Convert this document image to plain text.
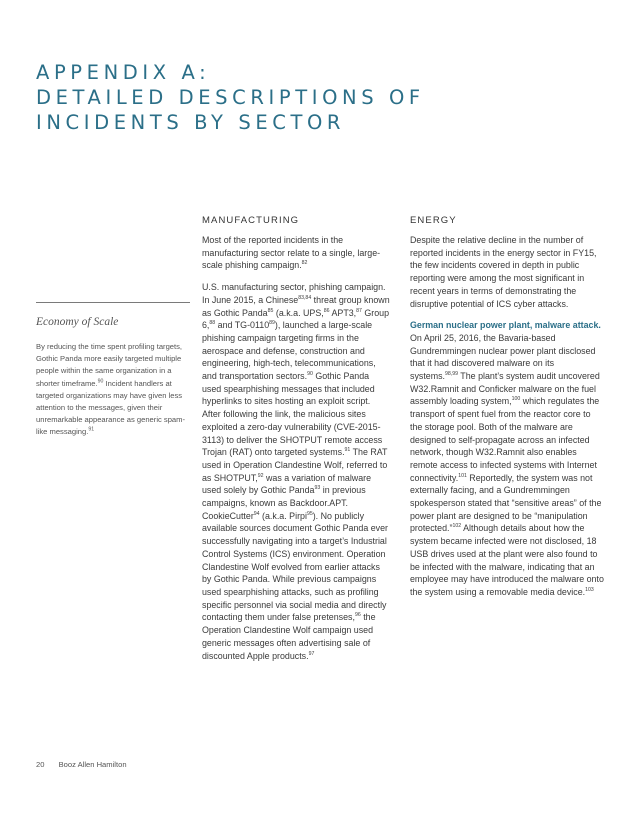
APPENDIX A:
DETAILED DESCRIPTIONS OF
INCIDENTS BY SECTOR
Economy of Scale

By reducing the time spent profiling targets, Gothic Panda more easily targeted multiple people within the same organization in a shorter timeframe.$^{90}$ Incident handlers at targeted organizations may have given less attention to the messages, given their unremarkable appearance as generic spam-like messaging.$^{91}$

MANUFACTURING

Most of the reported incidents in the manufacturing sector relate to a single, large-scale phishing campaign.$^{82}$

U.S. manufacturing sector, phishing campaign. In June 2015, a Chinese$^{83,84}$ threat group known as Gothic Panda$^{85}$ (a.k.a. UPS,$^{86}$ APT3,87 Group 6,88 and TG-0110$^{89}$), launched a large-scale phishing campaign targeting firms in the aerospace and defense, construction and engineering, high-tech, telecommunications, and transportation sectors.$^{90}$ Gothic Panda used spearphishing messages that included hyperlinks to sites hosting an exploit script. After following the link, the malicious sites exploited a zero-day vulnerability (CVE-2015-3113) to deliver the SHOTPUT remote access Trojan (RAT) onto targeted systems.$^{91}$ The RAT used in Operation Clandestine Wolf, referred to as SHOTPUT,$^{92}$ was a variation of malware used solely by Gothic Panda$^{93}$ in previous campaigns, known as Backdoor.APT. CookieCutter$^{94}$ (a.k.a. Pirpi$^{95}$). No publicly available sources document Gothic Panda ever successfully navigating into a target’s Industrial Control Systems (ICS) environment. Operation Clandestine Wolf evolved from earlier attacks by Gothic Panda. While previous campaigns used spearphishing attacks, such as profiling specific personnel via social media and directly contacting them under false pretenses,$^{96}$ the Operation Clandestine Wolf campaign used generic messages often advertising sale of discounted Apple products.$^{97}$

ENERGY

Despite the relative decline in the number of reported incidents in the energy sector in FY15, the few incidents covered in depth in public reporting were among the most significant in recent years in terms of demonstrating the disruptive potential of ICS cyber attacks.

German nuclear power plant, malware attack. On April 25, 2016, the Bavaria-based Gundremmingen nuclear power plant disclosed that it had discovered malware on its systems.$^{98,99}$ The plant’s system audit uncovered W32.Ramnit and Conficker malware on the fuel assembly loading system,$^{100}$ which regulates the transport of spent fuel from the reactor core to the storage pool. Both of the malware are designed to self-propagate across an infected network, though W32.Ramnit also enables remote access to infected systems with Internet connectivity.$^{101}$ Reportedly, the system was not externally facing, and a Gundremmingen spokesperson stated that “sensitive areas” of the power plant are designed to be “manipulation protected.”$^{102}$ Although details about how the system became infected were not disclosed, 18 USB drives used at the plant were also found to be infected with the malware, indicating that an employee may have introduced the malware onto the system using a removable media device.$^{103}$

20 Booz Allen Hamilton
